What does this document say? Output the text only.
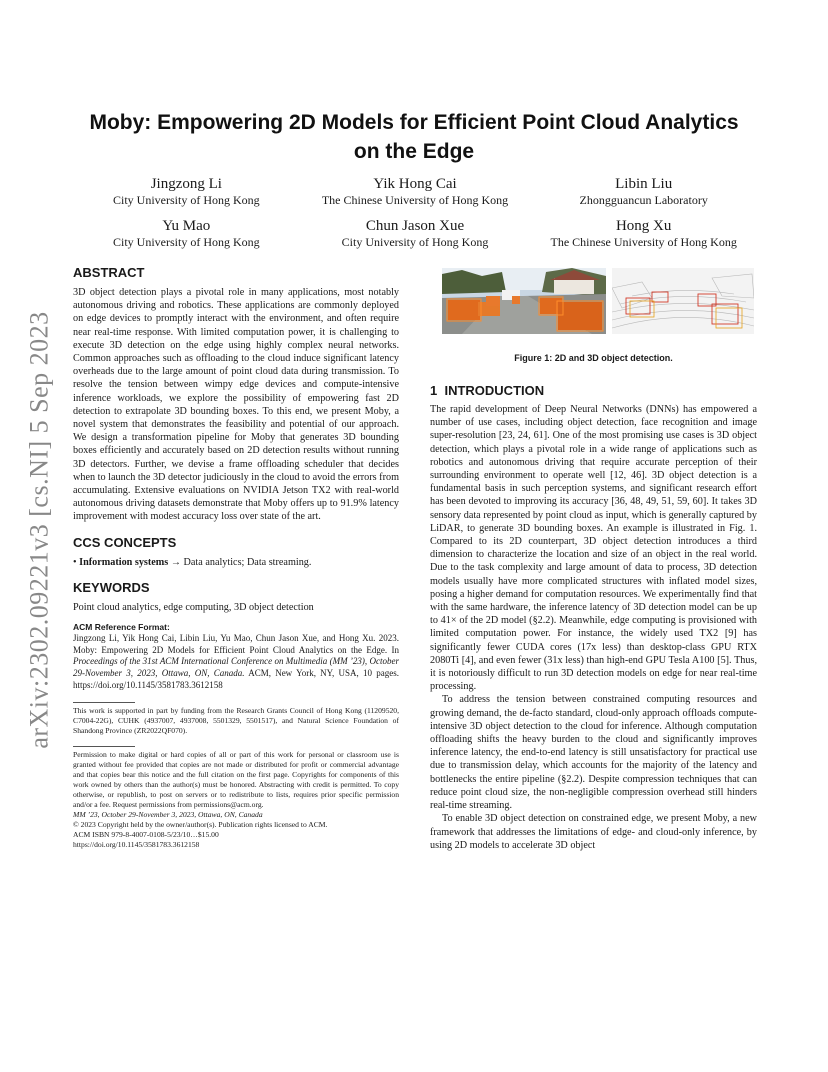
arXiv:2302.09221v3 [cs.NI] 5 Sep 2023
Moby: Empowering 2D Models for Efficient Point Cloud Analytics
on the Edge
Jingzong Li
City University of Hong Kong
Yik Hong Cai
The Chinese University of Hong Kong
Libin Liu
Zhongguancun Laboratory
Yu Mao
City University of Hong Kong
Chun Jason Xue
City University of Hong Kong
Hong Xu
The Chinese University of Hong Kong
ABSTRACT

3D object detection plays a pivotal role in many applications, most notably autonomous driving and robotics. These applications are commonly deployed on edge devices to promptly interact with the environment, and often require near real-time response. With limited computation power, it is challenging to execute 3D detection on the edge using highly complex neural networks. Common approaches such as offloading to the cloud induce significant latency overheads due to the large amount of point cloud data during transmission. To resolve the tension between wimpy edge devices and compute-intensive inference workloads, we explore the possibility of empowering fast 2D detection to extrapolate 3D bounding boxes. To this end, we present Moby, a novel system that demonstrates the feasibility and potential of our approach. We design a transformation pipeline for Moby that generates 3D bounding boxes efficiently and accurately based on 2D detection results without running 3D detectors. Further, we devise a frame offloading scheduler that decides when to launch the 3D detector judiciously in the cloud to avoid the errors from accumulating. Extensive evaluations on NVIDIA Jetson TX2 with real-world autonomous driving datasets demonstrate that Moby offers up to 91.9% latency improvement with modest accuracy loss over state of the art.

CCS CONCEPTS

• Information systems → Data analytics; Data streaming.

KEYWORDS

Point cloud analytics, edge computing, 3D object detection

ACM Reference Format:

Jingzong Li, Yik Hong Cai, Libin Liu, Yu Mao, Chun Jason Xue, and Hong Xu. 2023. Moby: Empowering 2D Models for Efficient Point Cloud Analytics on the Edge. In Proceedings of the 31st ACM International Conference on Multimedia (MM ’23), October 29-November 3, 2023, Ottawa, ON, Canada. ACM, New York, NY, USA, 10 pages. https://doi.org/10.1145/3581783.3612158

This work is supported in part by funding from the Research Grants Council of Hong Kong (11209520, C7004-22G), CUHK (4937007, 4937008, 5501329, 5501517), and Natural Science Foundation of Shandong Province (ZR2022QF070).

Permission to make digital or hard copies of all or part of this work for personal or classroom use is granted without fee provided that copies are not made or distributed for profit or commercial advantage and that copies bear this notice and the full citation on the first page. Copyrights for components of this work owned by others than the author(s) must be honored. Abstracting with credit is permitted. To copy otherwise, or republish, to post on servers or to redistribute to lists, requires prior specific permission and/or a fee. Request permissions from permissions@acm.org.

MM ’23, October 29-November 3, 2023, Ottawa, ON, Canada

© 2023 Copyright held by the owner/author(s). Publication rights licensed to ACM.

ACM ISBN 979-8-4007-0108-5/23/10…$15.00

https://doi.org/10.1145/3581783.3612158

Figure 1: 2D and 3D object detection.
1 INTRODUCTION

The rapid development of Deep Neural Networks (DNNs) has empowered a number of use cases, including object detection, face recognition and image super-resolution [23, 24, 61]. One of the most promising use cases is 3D object detection, which plays a pivotal role in a wide range of applications such as robotics and autonomous driving that require accurate perception of their surrounding environment to operate well [12, 46]. 3D object detection is a fundamental basis in such perception systems, and significant research effort has been devoted to improving its accuracy [36, 48, 49, 51, 59, 60]. It takes 3D sensory data represented by point cloud as input, which is generally captured by LiDAR, to generate 3D bounding boxes. An example is illustrated in Fig. 1. Compared to its 2D counterpart, 3D object detection introduces a third dimension to characterize the location and size of an object in the real world. Due to the task complexity and large amount of data to process, 3D detection models usually have more complicated structures with inflated model sizes, posing a higher demand for computation resources. We experimentally find that with the same hardware, the inference latency of 3D detection model can be up to 41× of the 2D model (§2.2). Meanwhile, edge computing is provisioned with limited computation power. For instance, the widely used TX2 [9] has significantly fewer CUDA cores (17x less) than desktop-class GPU RTX 2080Ti [4], and even fewer (31x less) than high-end GPU Tesla A100 [5]. Thus, it is notoriously difficult to run 3D detection models on edge for near real-time processing.

To address the tension between constrained computing resources and growing demand, the de-facto standard, cloud-only approach offloads compute-intensive 3D object detection to the cloud for inference. Although computation offloading shifts the heavy burden to the cloud and significantly improves inference latency, the end-to-end latency is still unsatisfactory for practical use due to transmission delay, which accounts for the majority of the latency and bottlenecks the entire pipeline (§2.2). Despite compression techniques that can reduce point cloud size, the non-negligible compression overhead still hinders real-time streaming.

To enable 3D object detection on constrained edge, we present Moby, a new framework that addresses the limitations of edge- and cloud-only inference, by using 2D models to accelerate 3D object
